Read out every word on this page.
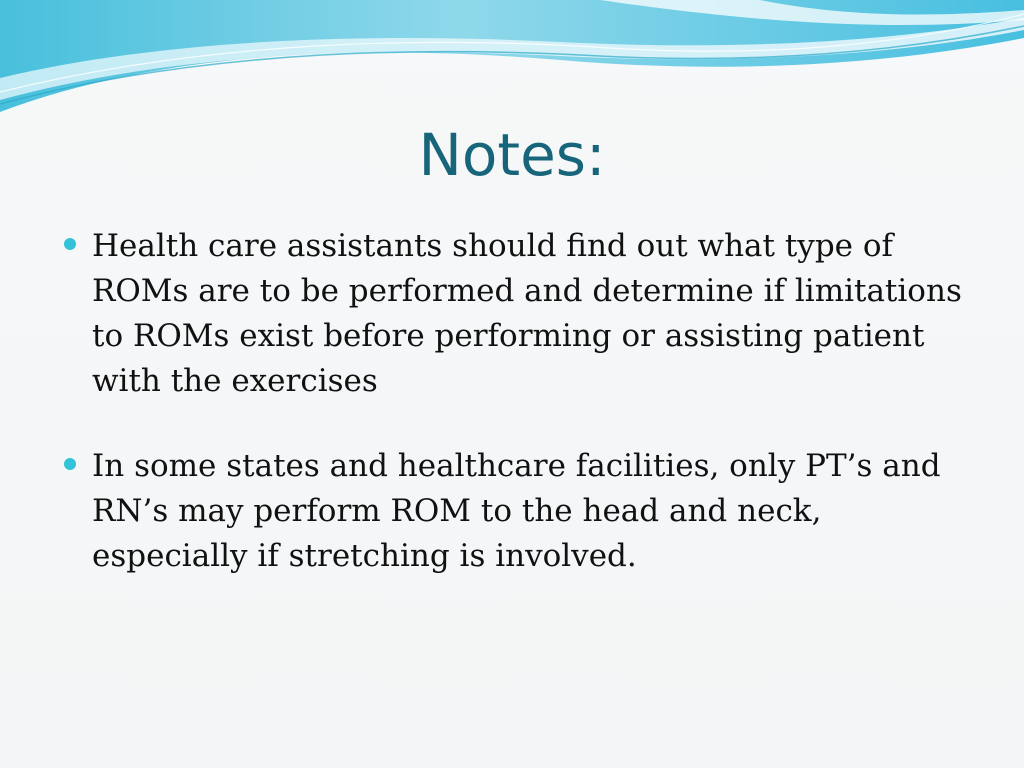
Notes:
Health care assistants should find out what type of ROMs are to be performed and determine if limitations to ROMs exist before performing or assisting patient with the exercises
In some states and healthcare facilities, only PT’s and RN’s may perform ROM to the head and neck, especially if stretching is involved.
